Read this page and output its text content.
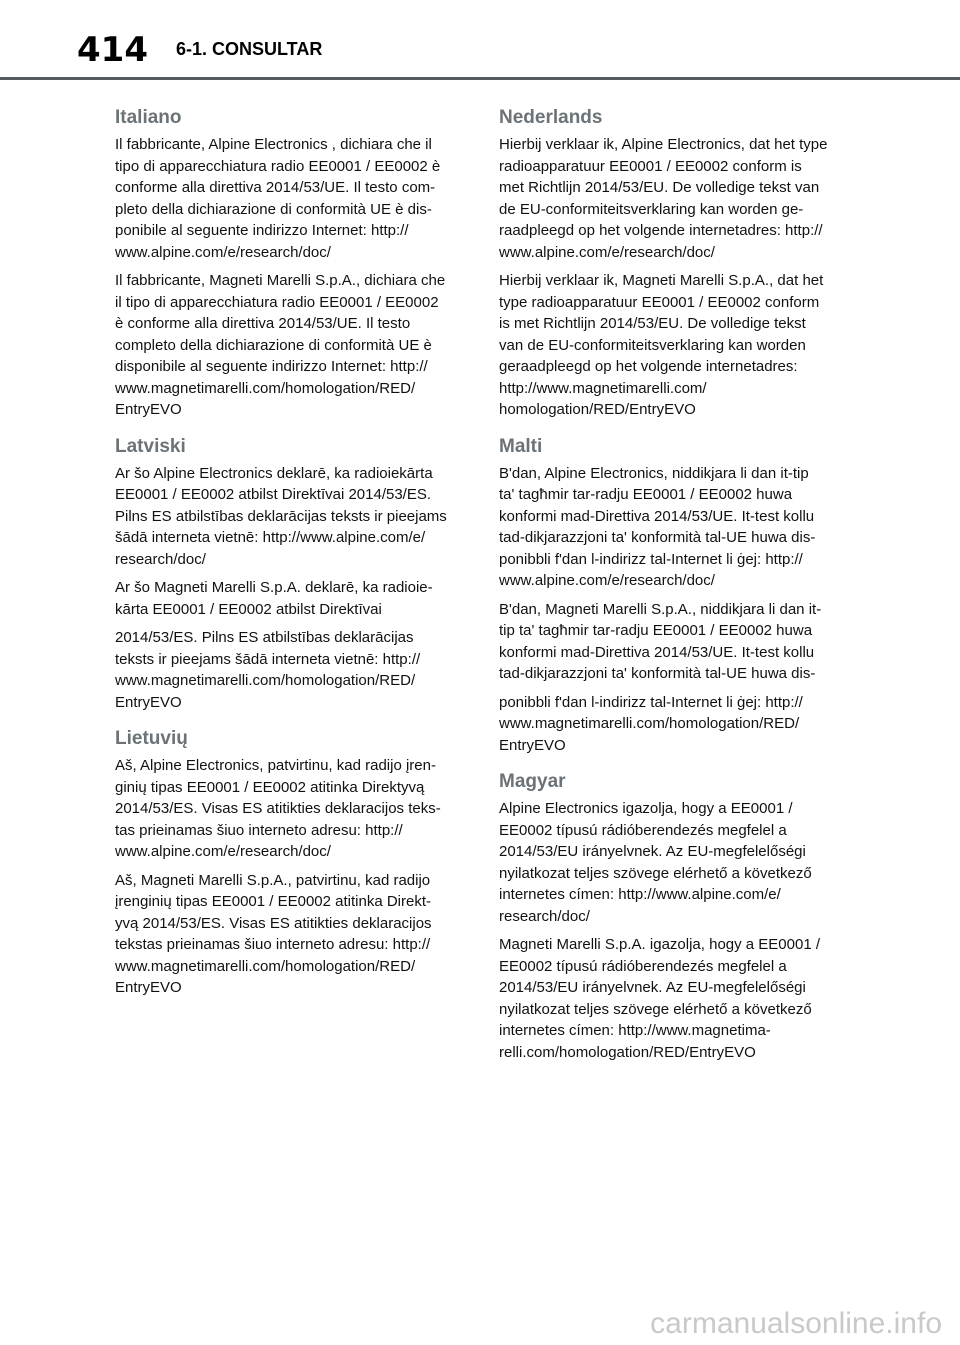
414 6-1. CONSULTAR
Italiano
Il fabbricante, Alpine Electronics , dichiara che il
tipo di apparecchiatura radio EE0001 / EE0002 è
conforme alla direttiva 2014/53/UE. Il testo com-
pleto della dichiarazione di conformità UE è dis-
ponibile al seguente indirizzo Internet: http://
www.alpine.com/e/research/doc/
Il fabbricante, Magneti Marelli S.p.A., dichiara che
il tipo di apparecchiatura radio EE0001 / EE0002
è conforme alla direttiva 2014/53/UE. Il testo
completo della dichiarazione di conformità UE è
disponibile al seguente indirizzo Internet: http://
www.magnetimarelli.com/homologation/RED/
EntryEVO
Latviski
Ar šo Alpine Electronics deklarē, ka radioiekārta
EE0001 / EE0002 atbilst Direktīvai 2014/53/ES.
Pilns ES atbilstības deklarācijas teksts ir pieejams
šādā interneta vietnē: http://www.alpine.com/e/
research/doc/
Ar šo Magneti Marelli S.p.A. deklarē, ka radioie-
kārta EE0001 / EE0002 atbilst Direktīvai
2014/53/ES. Pilns ES atbilstības deklarācijas
teksts ir pieejams šādā interneta vietnē: http://
www.magnetimarelli.com/homologation/RED/
EntryEVO
Lietuvių
Aš, Alpine Electronics, patvirtinu, kad radijo įren-
ginių tipas EE0001 / EE0002 atitinka Direktyvą
2014/53/ES. Visas ES atitikties deklaracijos teks-
tas prieinamas šiuo interneto adresu: http://
www.alpine.com/e/research/doc/
Aš, Magneti Marelli S.p.A., patvirtinu, kad radijo
įrenginių tipas EE0001 / EE0002 atitinka Direkt-
yvą 2014/53/ES. Visas ES atitikties deklaracijos
tekstas prieinamas šiuo interneto adresu: http://
www.magnetimarelli.com/homologation/RED/
EntryEVO
Nederlands
Hierbij verklaar ik, Alpine Electronics, dat het type
radioapparatuur EE0001 / EE0002 conform is
met Richtlijn 2014/53/EU. De volledige tekst van
de EU-conformiteitsverklaring kan worden ge-
raadpleegd op het volgende internetadres: http://
www.alpine.com/e/research/doc/
Hierbij verklaar ik, Magneti Marelli S.p.A., dat het
type radioapparatuur EE0001 / EE0002 conform
is met Richtlijn 2014/53/EU. De volledige tekst
van de EU-conformiteitsverklaring kan worden
geraadpleegd op het volgende internetadres:
http://www.magnetimarelli.com/
homologation/RED/EntryEVO
Malti
B'dan, Alpine Electronics, niddikjara li dan it-tip
ta' tagħmir tar-radju EE0001 / EE0002 huwa
konformi mad-Direttiva 2014/53/UE. It-test kollu
tad-dikjarazzjoni ta' konformità tal-UE huwa dis-
ponibbli f'dan l-indirizz tal-Internet li ġej: http://
www.alpine.com/e/research/doc/
B'dan, Magneti Marelli S.p.A., niddikjara li dan it-
tip ta' tagħmir tar-radju EE0001 / EE0002 huwa
konformi mad-Direttiva 2014/53/UE. It-test kollu
tad-dikjarazzjoni ta' konformità tal-UE huwa dis-
ponibbli f'dan l-indirizz tal-Internet li ġej: http://
www.magnetimarelli.com/homologation/RED/
EntryEVO
Magyar
Alpine Electronics igazolja, hogy a EE0001 /
EE0002 típusú rádióberendezés megfelel a
2014/53/EU irányelvnek. Az EU-megfelelőségi
nyilatkozat teljes szövege elérhető a következő
internetes címen: http://www.alpine.com/e/
research/doc/
Magneti Marelli S.p.A. igazolja, hogy a EE0001 /
EE0002 típusú rádióberendezés megfelel a
2014/53/EU irányelvnek. Az EU-megfelelőségi
nyilatkozat teljes szövege elérhető a következő
internetes címen: http://www.magnetima-
relli.com/homologation/RED/EntryEVO
carmanualsonline.info
